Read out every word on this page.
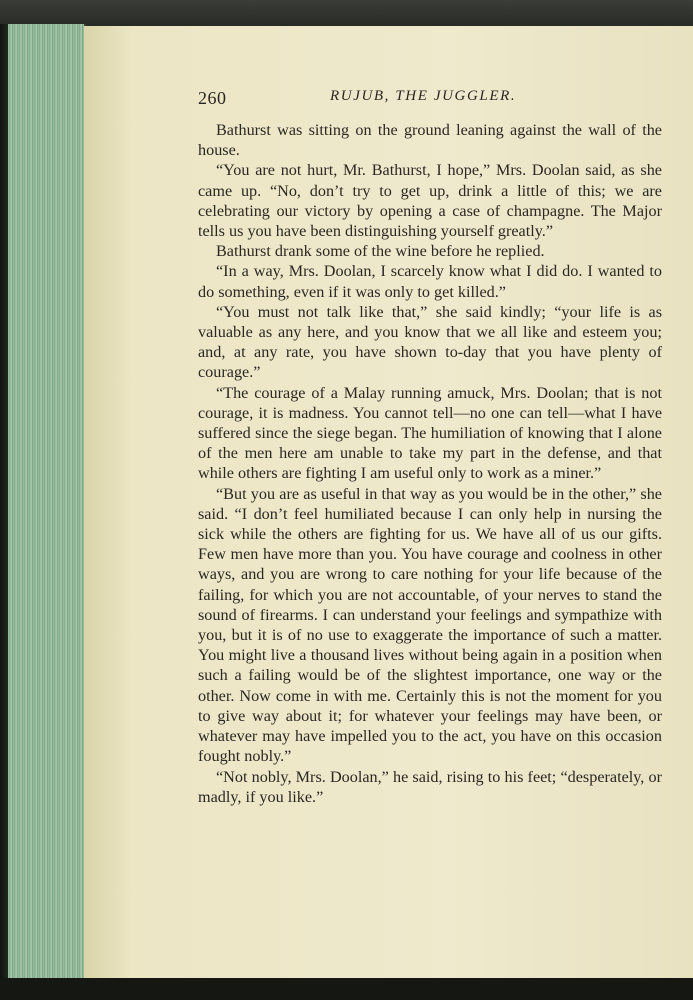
260	RUJUB, THE JUGGLER.

Bathurst was sitting on the ground leaning against the wall of the house.

“You are not hurt, Mr. Bathurst, I hope,” Mrs. Doolan said, as she came up. “No, don’t try to get up, drink a little of this; we are celebrating our victory by opening a case of champagne. The Major tells us you have been distinguishing yourself greatly.”

Bathurst drank some of the wine before he replied.

“In a way, Mrs. Doolan, I scarcely know what I did do. I wanted to do something, even if it was only to get killed.”

“You must not talk like that,” she said kindly; “your life is as valuable as any here, and you know that we all like and esteem you; and, at any rate, you have shown to-day that you have plenty of courage.”

“The courage of a Malay running amuck, Mrs. Doolan; that is not courage, it is madness. You cannot tell—no one can tell—what I have suffered since the siege began. The humiliation of knowing that I alone of the men here am unable to take my part in the defense, and that while others are fighting I am useful only to work as a miner.”

“But you are as useful in that way as you would be in the other,” she said. “I don’t feel humiliated because I can only help in nursing the sick while the others are fighting for us. We have all of us our gifts. Few men have more than you. You have courage and coolness in other ways, and you are wrong to care nothing for your life because of the failing, for which you are not accountable, of your nerves to stand the sound of firearms. I can understand your feelings and sympathize with you, but it is of no use to exaggerate the importance of such a matter. You might live a thousand lives without being again in a position when such a failing would be of the slightest importance, one way or the other. Now come in with me. Certainly this is not the moment for you to give way about it; for whatever your feelings may have been, or whatever may have impelled you to the act, you have on this occasion fought nobly.”

“Not nobly, Mrs. Doolan,” he said, rising to his feet; “desperately, or madly, if you like.”
